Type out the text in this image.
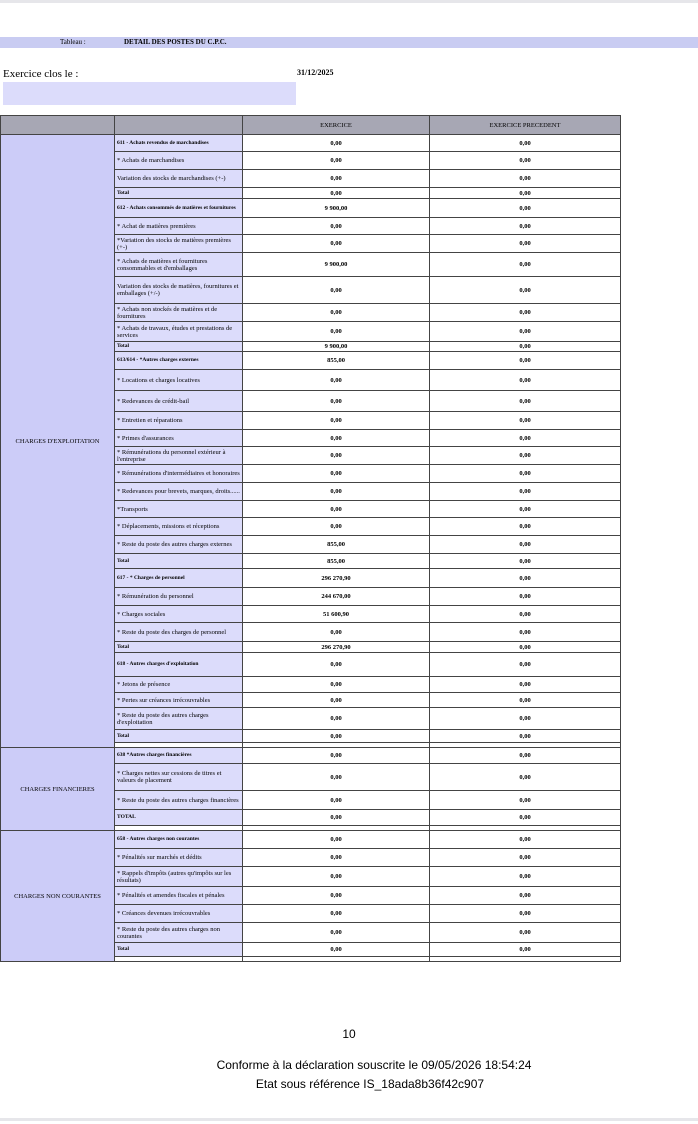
Tableau :	DETAIL DES POSTES DU C.P.C.
Exercice clos le :	31/12/2025
		EXERCICE	EXERCICE PRECEDENT
CHARGES D'EXPLOITATION	611 - Achats revendus de marchandises	0,00	0,00
	* Achats de marchandises	0,00	0,00
	Variation des stocks de marchandises (+-)	0,00	0,00
	Total	0,00	0,00
	612 - Achats consommés de matières et fournitures	9 900,00	0,00
	* Achat de matières premières	0,00	0,00
	*Variation des stocks de matières premières (+-)	0,00	0,00
	* Achats de matières et fournitures consommables et d'emballages	9 900,00	0,00
	Variation des stocks de matières, fournitures et emballages (+/-)	0,00	0,00
	* Achats non stockés de matières et de fournitures	0,00	0,00
	* Achats de travaux, études et prestations de services	0,00	0,00
	Total	9 900,00	0,00
	613/614 - *Autres charges externes	855,00	0,00
	* Locations et charges locatives	0,00	0,00
	* Redevances de crédit-bail	0,00	0,00
	* Entretien et réparations	0,00	0,00
	* Primes d'assurances	0,00	0,00
	* Rémunérations du personnel extérieur à l'entreprise	0,00	0,00
	* Rémunérations d'intermédiaires et honoraires	0,00	0,00
	* Redevances pour brevets, marques, droits......	0,00	0,00
	*Transports	0,00	0,00
	* Déplacements, missions et réceptions	0,00	0,00
	* Reste du poste des autres charges externes	855,00	0,00
	Total	855,00	0,00
	617 - * Charges de personnel	296 270,90	0,00
	* Rémunération du personnel	244 670,00	0,00
	* Charges sociales	51 600,90	0,00
	* Reste du poste des charges de personnel	0,00	0,00
	Total	296 270,90	0,00
	618 - Autres charges d'exploitation	0,00	0,00
	* Jetons de présence	0,00	0,00
	* Pertes sur créances irrécouvrables	0,00	0,00
	* Reste du poste des autres charges d'exploitation	0,00	0,00
	Total	0,00	0,00

CHARGES FINANCIERES	638 *Autres charges financières	0,00	0,00
	* Charges nettes sur cessions de titres et valeurs de placement	0,00	0,00
	* Reste du poste des autres charges financières	0,00	0,00
	TOTAL	0,00	0,00

CHARGES NON COURANTES	658 - Autres charges non courantes	0,00	0,00
	* Pénalités sur marchés et dédits	0,00	0,00
	* Rappels d'impôts (autres qu'impôts sur les résultats)	0,00	0,00
	* Pénalités et amendes fiscales et pénales	0,00	0,00
	* Créances devenues irrécouvrables	0,00	0,00
	* Reste du poste des autres charges non courantes	0,00	0,00
	Total	0,00	0,00

10
Conforme à la déclaration souscrite le 09/05/2026 18:54:24
Etat sous référence IS_18ada8b36f42c907
